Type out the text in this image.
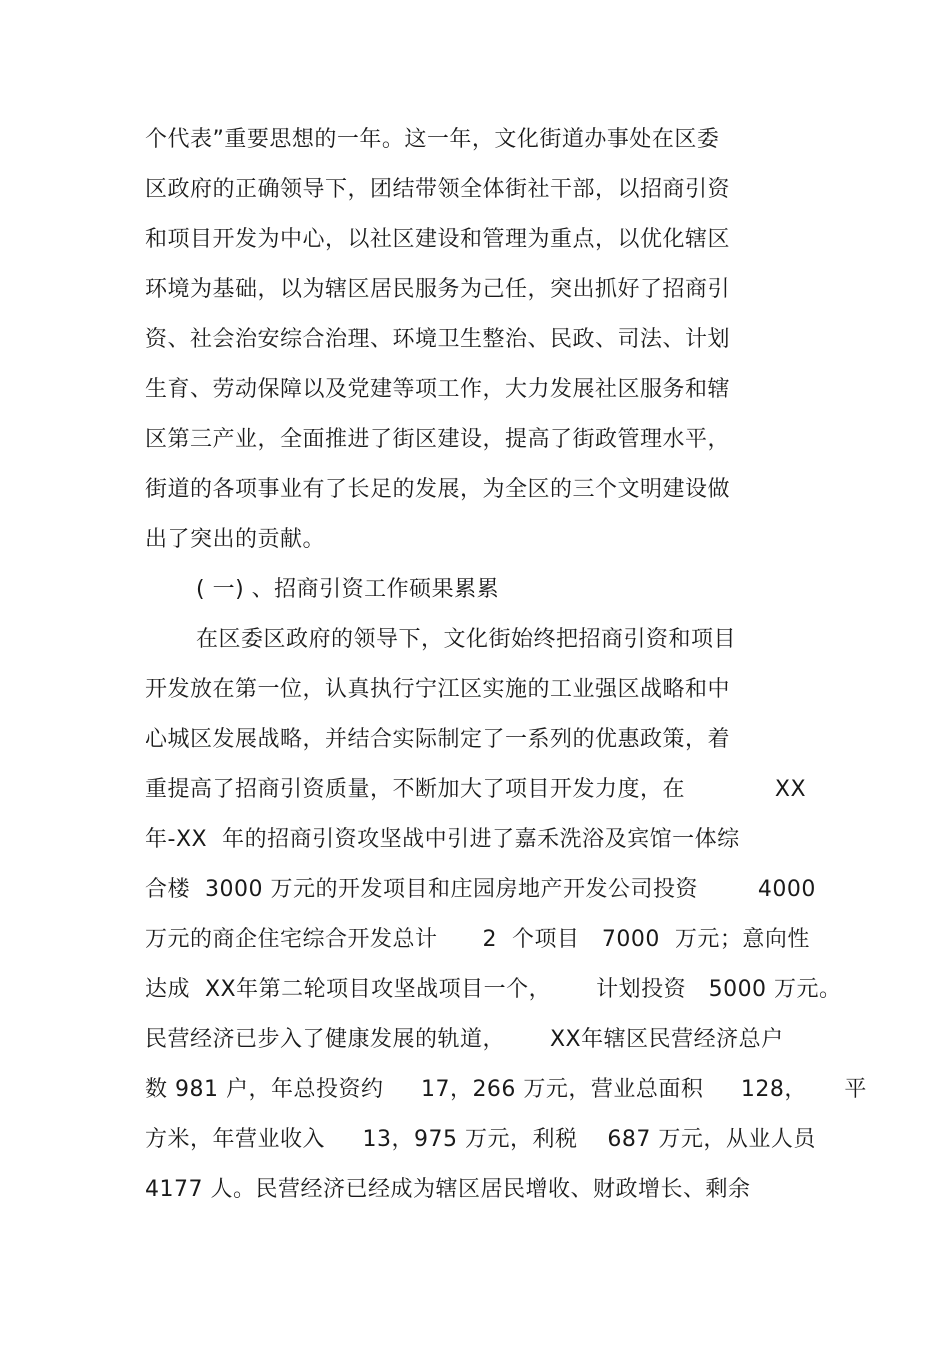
个代表”重要思想的一年。这一年，文化街道办事处在区委
区政府的正确领导下，团结带领全体街社干部，以招商引资
和项目开发为中心，以社区建设和管理为重点，以优化辖区
环境为基础，以为辖区居民服务为己任，突出抓好了招商引
资、社会治安综合治理、环境卫生整治、民政、司法、计划
生育、劳动保障以及党建等项工作，大力发展社区服务和辖
区第三产业，全面推进了街区建设，提高了街政管理水平，
街道的各项事业有了长足的发展，为全区的三个文明建设做
出了突出的贡献。
( 一) 、招商引资工作硕果累累
在区委区政府的领导下，文化街始终把招商引资和项目
开发放在第一位，认真执行宁江区实施的工业强区战略和中
心城区发展战略，并结合实际制定了一系列的优惠政策，着
重提高了招商引资质量，不断加大了项目开发力度，在            XX
年-XX  年的招商引资攻坚战中引进了嘉禾洗浴及宾馆一体综
合楼  3000 万元的开发项目和庄园房地产开发公司投资        4000
万元的商企住宅综合开发总计      2  个项目   7000  万元；意向性
达成  XX年第二轮项目攻坚战项目一个，      计划投资   5000 万元。
民营经济已步入了健康发展的轨道，      XX年辖区民营经济总户
数 981 户，年总投资约     17，266 万元，营业总面积     128，     平
方米，年营业收入     13，975 万元，利税    687 万元，从业人员
4177 人。民营经济已经成为辖区居民增收、财政增长、剩余
